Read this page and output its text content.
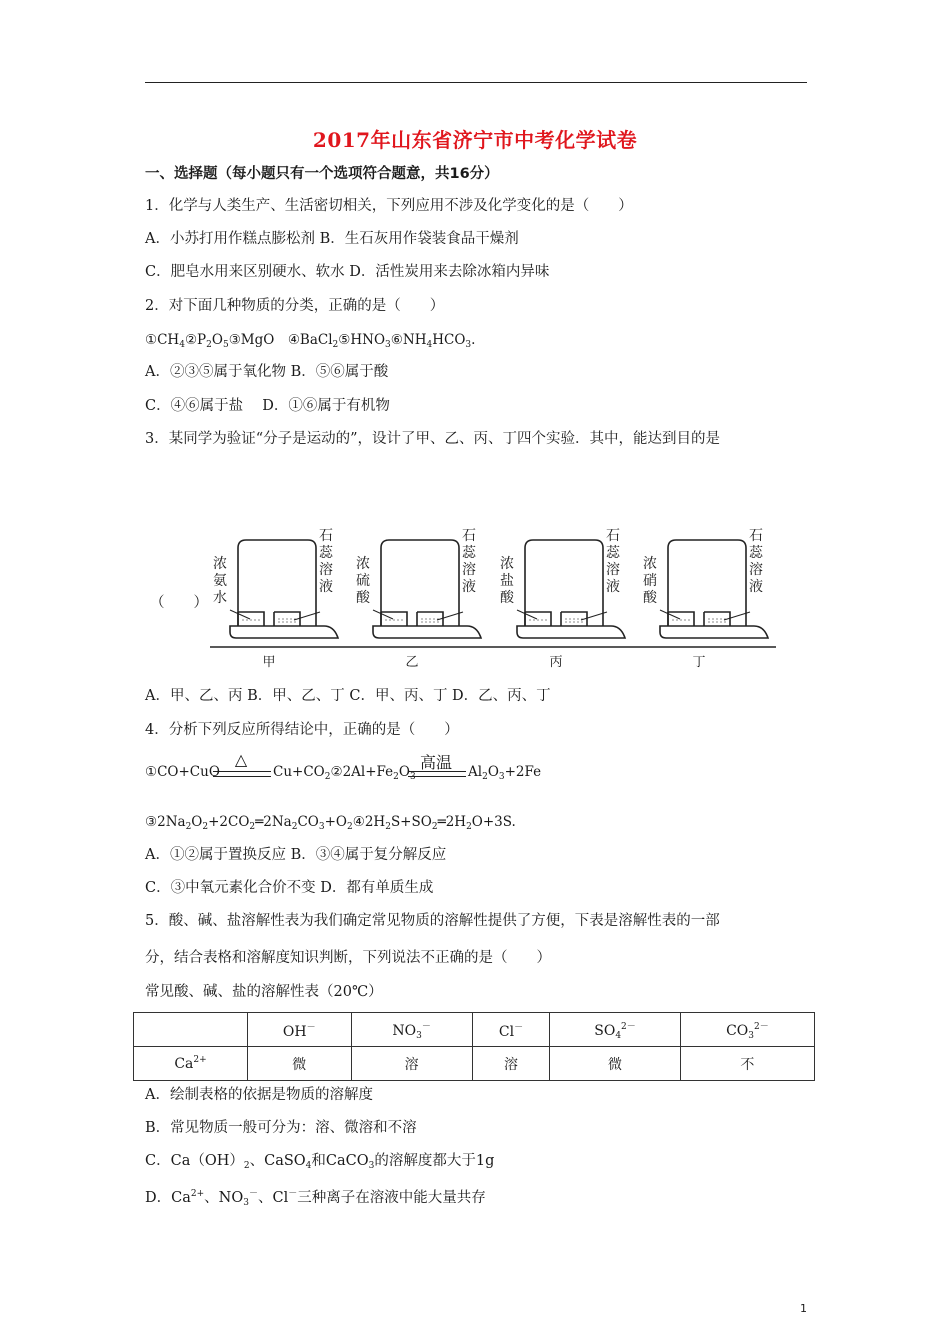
2017年山东省济宁市中考化学试卷
一、选择题（每小题只有一个选项符合题意，共16分）
1．化学与人类生产、生活密切相关，下列应用不涉及化学变化的是（　　）
A．小苏打用作糕点膨松剂 B．生石灰用作袋装食品干燥剂
C．肥皂水用来区别硬水、软水 D．活性炭用来去除冰箱内异味
2．对下面几种物质的分类，正确的是（　　）
$①CH_4②P_2O_5③MgO$　$④BaCl_2⑤HNO_3⑥NH_4HCO_3$.
A．②③⑤属于氧化物 B．⑤⑥属于酸
C．④⑥属于盐　 D．①⑥属于有机物
3．某同学为验证“分子是运动的”，设计了甲、乙、丙、丁四个实验．其中，能达到目的是
（　　）
浓氨水
石蕊溶液
甲
浓硫酸
石蕊溶液
乙
浓盐酸
石蕊溶液
丙
浓硝酸
石蕊溶液
丁
A．甲、乙、丙 B．甲、乙、丁 C．甲、丙、丁 D．乙、丙、丁
4．分析下列反应所得结论中，正确的是（　　）
△	高温
①CO+CuO	$Cu+CO_2②2Al+Fe_2O_3$	$Al_2O_3+2Fe$
$③2Na_2O_2+2CO_2═2Na_2CO_3+O_2④2H_2S+SO_2═2H_2O+3S$.
A．①②属于置换反应 B．③④属于复分解反应
C．③中氧元素化合价不变 D．都有单质生成
5．酸、碱、盐溶解性表为我们确定常见物质的溶解性提供了方便，下表是溶解性表的一部
分，结合表格和溶解度知识判断，下列说法不正确的是（　　）
常见酸、碱、盐的溶解性表（20℃）
	OH－	$NO_3^-$	Cl－	$SO_4^{2-}$	$CO_3^{2-}$
$Ca^{2+}$	微	溶	溶	微	不
A．绘制表格的依据是物质的溶解度
B．常见物质一般可分为：溶、微溶和不溶
C．$Ca(OH)_2$、CaSO$_4$和CaCO$_3$的溶解度都大于1g
D．$Ca^{2+}$、$NO_3^-$、Cl－三种离子在溶液中能大量共存
1
